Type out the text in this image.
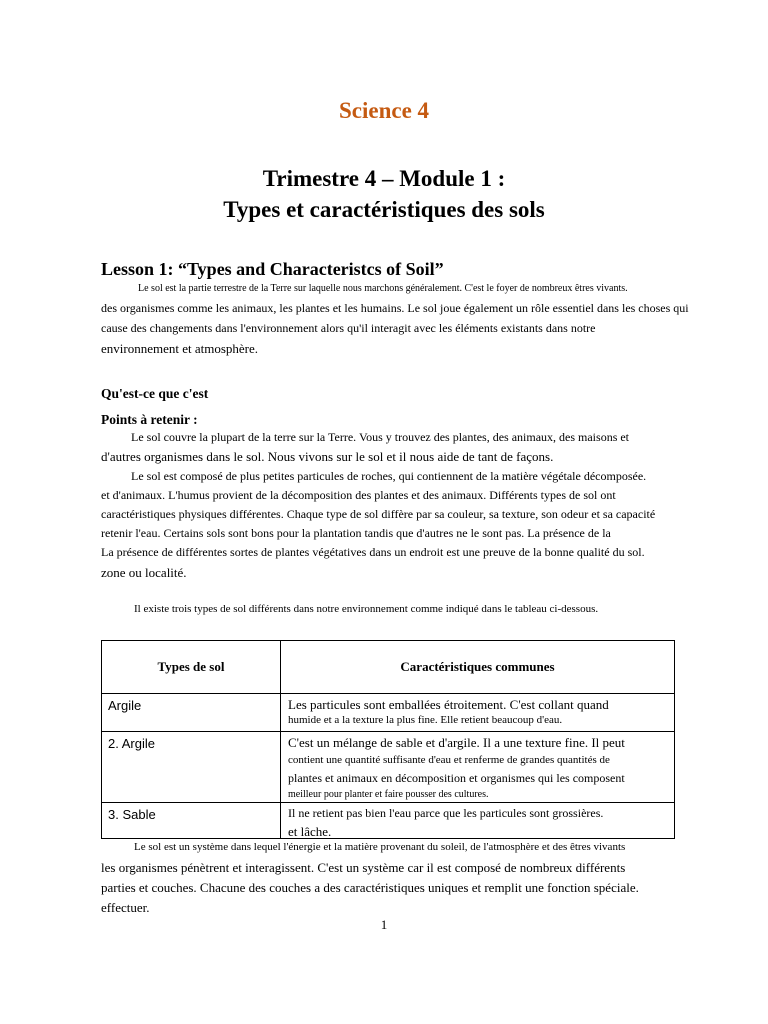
Science 4
Trimestre 4 – Module 1 :
Types et caractéristiques des sols
Lesson 1: “Types and Characteristcs of Soil”
Le sol est la partie terrestre de la Terre sur laquelle nous marchons généralement. C'est le foyer de nombreux êtres vivants.
des organismes comme les animaux, les plantes et les humains. Le sol joue également un rôle essentiel dans les choses qui
cause des changements dans l'environnement alors qu'il interagit avec les éléments existants dans notre
environnement et atmosphère.
Qu'est-ce que c'est
Points à retenir :
Le sol couvre la plupart de la terre sur la Terre. Vous y trouvez des plantes, des animaux, des maisons et
d'autres organismes dans le sol. Nous vivons sur le sol et il nous aide de tant de façons.
Le sol est composé de plus petites particules de roches, qui contiennent de la matière végétale décomposée.
et d'animaux. L'humus provient de la décomposition des plantes et des animaux. Différents types de sol ont
caractéristiques physiques différentes. Chaque type de sol diffère par sa couleur, sa texture, son odeur et sa capacité
retenir l'eau. Certains sols sont bons pour la plantation tandis que d'autres ne le sont pas. La présence de la
La présence de différentes sortes de plantes végétatives dans un endroit est une preuve de la bonne qualité du sol.
zone ou localité.
Il existe trois types de sol différents dans notre environnement comme indiqué dans le tableau ci-dessous.
Types de sol	Caractéristiques communes
Argile	Les particules sont emballées étroitement. C'est collant quand
humide et a la texture la plus fine. Elle retient beaucoup d'eau.

2. Argile	C'est un mélange de sable et d'argile. Il a une texture fine. Il peut
contient une quantité suffisante d'eau et renferme de grandes quantités de
plantes et animaux en décomposition et organismes qui les composent
meilleur pour planter et faire pousser des cultures.

3. Sable	Il ne retient pas bien l'eau parce que les particules sont grossières.
et lâche.
Le sol est un système dans lequel l'énergie et la matière provenant du soleil, de l'atmosphère et des êtres vivants
les organismes pénètrent et interagissent. C'est un système car il est composé de nombreux différents
parties et couches. Chacune des couches a des caractéristiques uniques et remplit une fonction spéciale.
effectuer.
1
